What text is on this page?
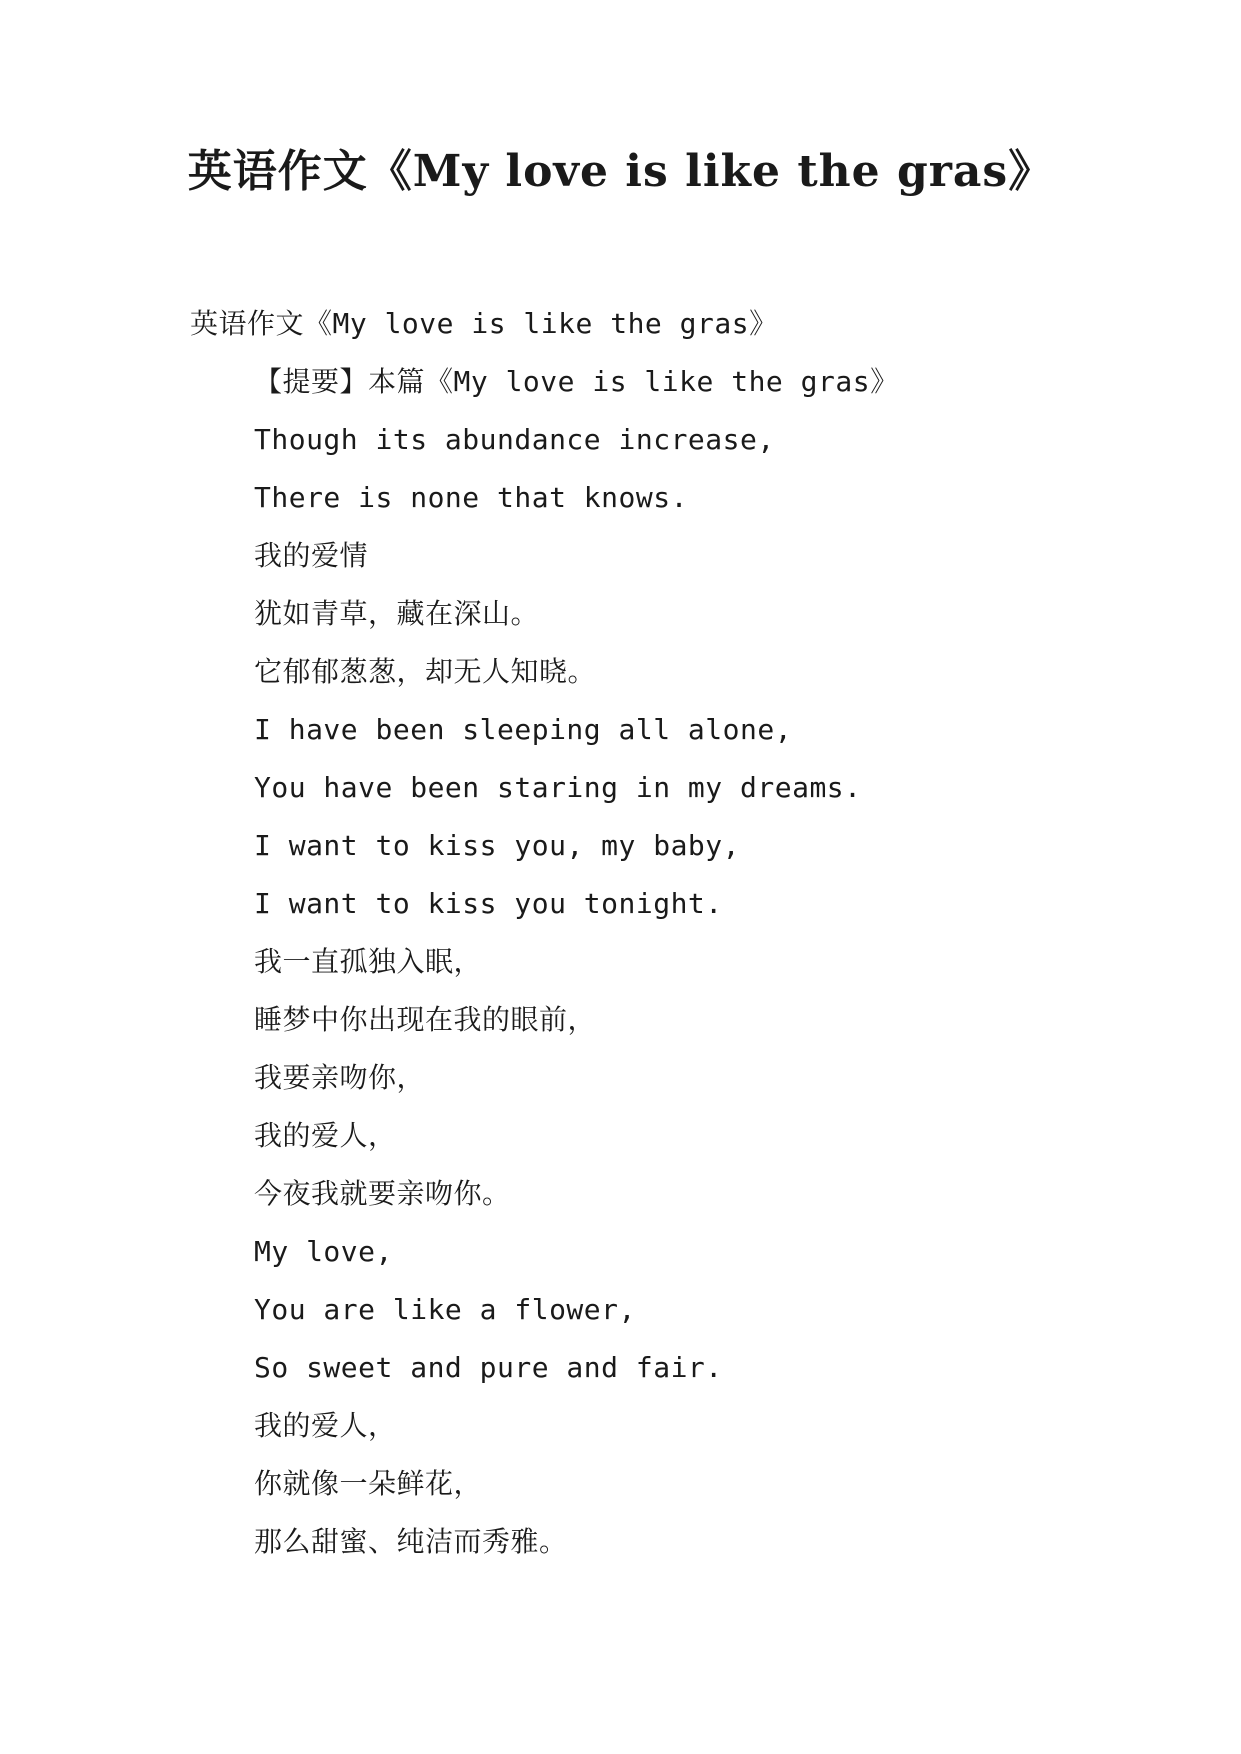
英语作文《My love is like the gras》
英语作文《My love is like the gras》
【提要】本篇《My love is like the gras》
Though its abundance increase,
There is none that knows.
我的爱情
犹如青草，藏在深山。
它郁郁葱葱，却无人知晓。
I have been sleeping all alone,
You have been staring in my dreams.
I want to kiss you, my baby,
I want to kiss you tonight.
我一直孤独入眠，
睡梦中你出现在我的眼前，
我要亲吻你，
我的爱人，
今夜我就要亲吻你。
My love,
You are like a flower,
So sweet and pure and fair.
我的爱人，
你就像一朵鲜花，
那么甜蜜、纯洁而秀雅。
